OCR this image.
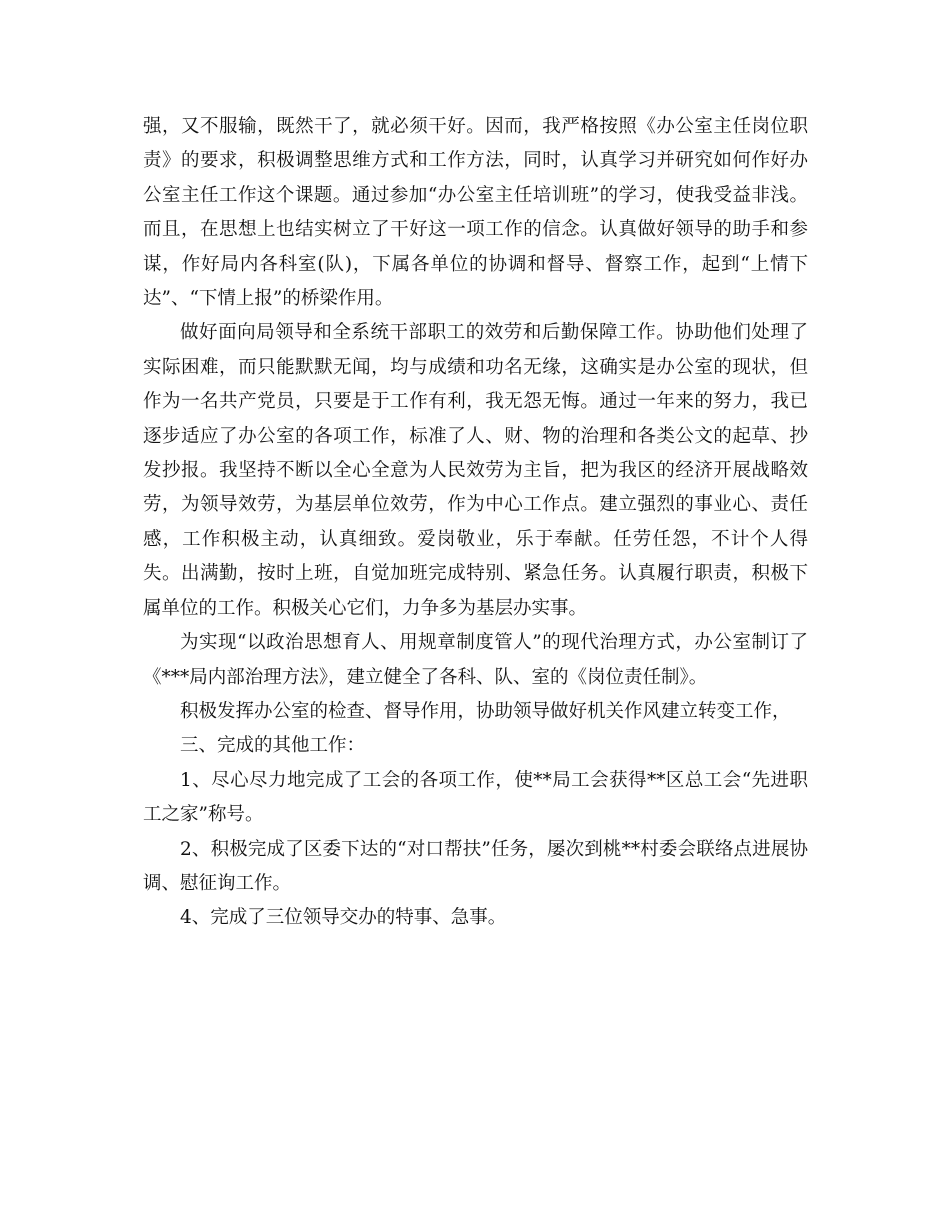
强，又不服输，既然干了，就必须干好。因而，我严格按照《办公室主任岗位职责》的要求，积极调整思维方式和工作方法，同时，认真学习并研究如何作好办公室主任工作这个课题。通过参加“办公室主任培训班”的学习，使我受益非浅。而且，在思想上也结实树立了干好这一项工作的信念。认真做好领导的助手和参谋，作好局内各科室(队)，下属各单位的协调和督导、督察工作，起到“上情下达”、“下情上报”的桥梁作用。

做好面向局领导和全系统干部职工的效劳和后勤保障工作。协助他们处理了实际困难，而只能默默无闻，均与成绩和功名无缘，这确实是办公室的现状，但作为一名共产党员，只要是于工作有利，我无怨无悔。通过一年来的努力，我已逐步适应了办公室的各项工作，标准了人、财、物的治理和各类公文的起草、抄发抄报。我坚持不断以全心全意为人民效劳为主旨，把为我区的经济开展战略效劳，为领导效劳，为基层单位效劳，作为中心工作点。建立强烈的事业心、责任感，工作积极主动，认真细致。爱岗敬业，乐于奉献。任劳任怨，不计个人得失。出满勤，按时上班，自觉加班完成特别、紧急任务。认真履行职责，积极下属单位的工作。积极关心它们，力争多为基层办实事。

为实现“以政治思想育人、用规章制度管人”的现代治理方式，办公室制订了《***局内部治理方法》，建立健全了各科、队、室的《岗位责任制》。

积极发挥办公室的检查、督导作用，协助领导做好机关作风建立转变工作，

三、完成的其他工作：

1、尽心尽力地完成了工会的各项工作，使**局工会获得**区总工会“先进职工之家”称号。

2、积极完成了区委下达的“对口帮扶”任务，屡次到桃**村委会联络点进展协调、慰征询工作。

4、完成了三位领导交办的特事、急事。
